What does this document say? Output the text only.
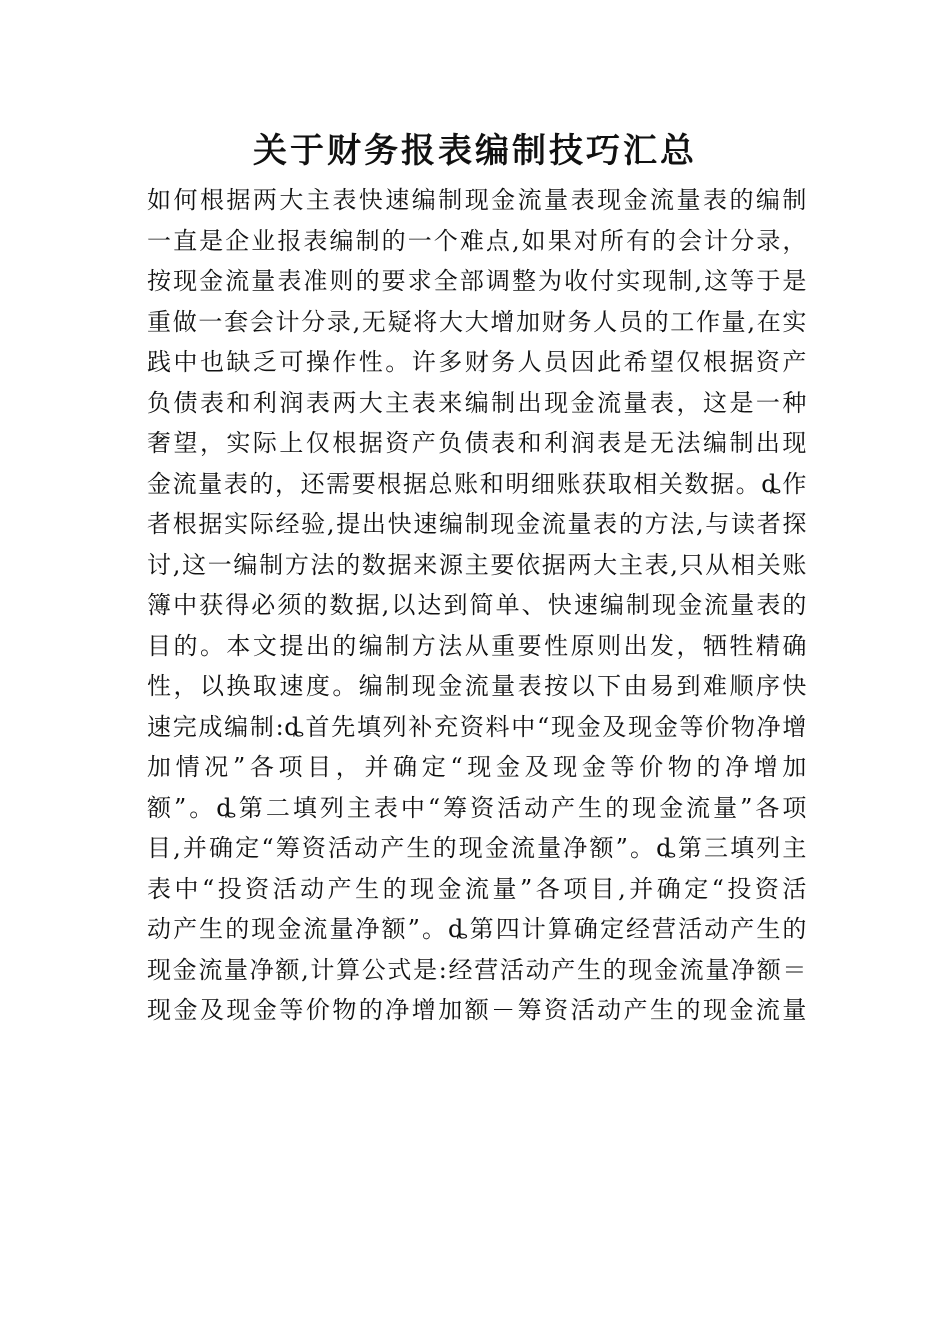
关于财务报表编制技巧汇总
如何根据两大主表快速编制现金流量表现金流量表的编制
一直是企业报表编制的一个难点,如果对所有的会计分录，
按现金流量表准则的要求全部调整为收付实现制,这等于是
重做一套会计分录,无疑将大大增加财务人员的工作量,在实
践中也缺乏可操作性。许多财务人员因此希望仅根据资产
负债表和利润表两大主表来编制出现金流量表，这是一种
奢望，实际上仅根据资产负债表和利润表是无法编制出现
金流量表的，还需要根据总账和明细账获取相关数据。ȡ作
者根据实际经验,提出快速编制现金流量表的方法,与读者探
讨,这一编制方法的数据来源主要依据两大主表,只从相关账
簿中获得必须的数据,以达到简单、快速编制现金流量表的
目的。本文提出的编制方法从重要性原则出发，牺牲精确
性，以换取速度。编制现金流量表按以下由易到难顺序快
速完成编制:ȡ首先填列补充资料中“现金及现金等价物净增
加情况”各项目，并确定“现金及现金等价物的净增加
额”。ȡ第二填列主表中“筹资活动产生的现金流量”各项
目,并确定“筹资活动产生的现金流量净额”。ȡ第三填列主
表中“投资活动产生的现金流量”各项目,并确定“投资活
动产生的现金流量净额”。ȡ第四计算确定经营活动产生的
现金流量净额,计算公式是:经营活动产生的现金流量净额＝
现金及现金等价物的净增加额－筹资活动产生的现金流量
